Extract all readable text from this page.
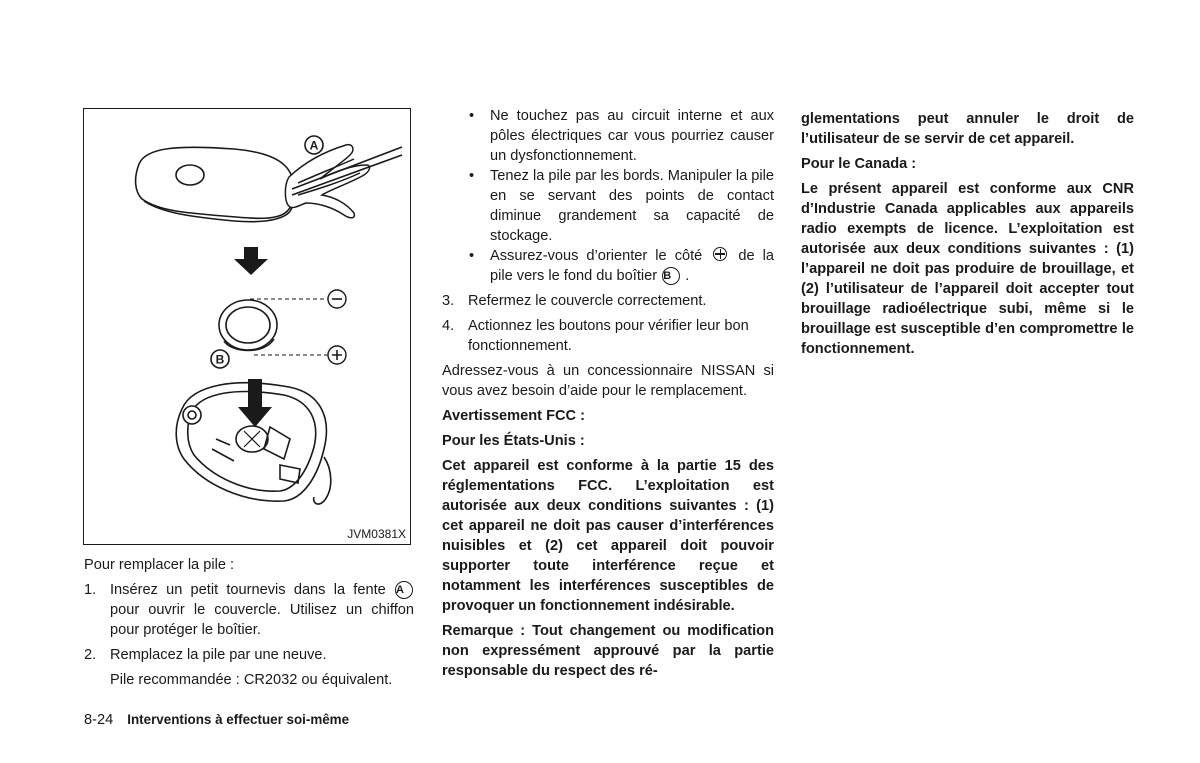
A
B
JVM0381X

Pour remplacer la pile :

1. Insérez un petit tournevis dans la fente A pour ouvrir le couvercle. Utilisez un chiffon pour protéger le boîtier.
2. Remplacez la pile par une neuve.

Pile recommandée : CR2032 ou équivalent.

• Ne touchez pas au circuit interne et aux pôles électriques car vous pourriez causer un dysfonctionnement.
• Tenez la pile par les bords. Manipuler la pile en se servant des points de contact diminue grandement sa capacité de stockage.
• Assurez-vous d’orienter le côté de la pile vers le fond du boîtier B .
3. Refermez le couvercle correctement.
4. Actionnez les boutons pour vérifier leur bon fonctionnement.

Adressez-vous à un concessionnaire NISSAN si vous avez besoin d’aide pour le remplacement.

Avertissement FCC :

Pour les États-Unis :

Cet appareil est conforme à la partie 15 des réglementations FCC. L’exploitation est autorisée aux deux conditions suivantes : (1) cet appareil ne doit pas causer d’interférences nuisibles et (2) cet appareil doit pouvoir supporter toute interférence reçue et notamment les interférences susceptibles de provoquer un fonctionnement indésirable.

Remarque : Tout changement ou modification non expressément approuvé par la partie responsable du respect des ré-

glementations peut annuler le droit de l’utilisateur de se servir de cet appareil.

Pour le Canada :

Le présent appareil est conforme aux CNR d’Industrie Canada applicables aux appareils radio exempts de licence. L’exploitation est autorisée aux deux conditions suivantes : (1) l’appareil ne doit pas produire de brouillage, et (2) l’utilisateur de l’appareil doit accepter tout brouillage radioélectrique subi, même si le brouillage est susceptible d’en compromettre le fonctionnement.

8-24 Interventions à effectuer soi-même
